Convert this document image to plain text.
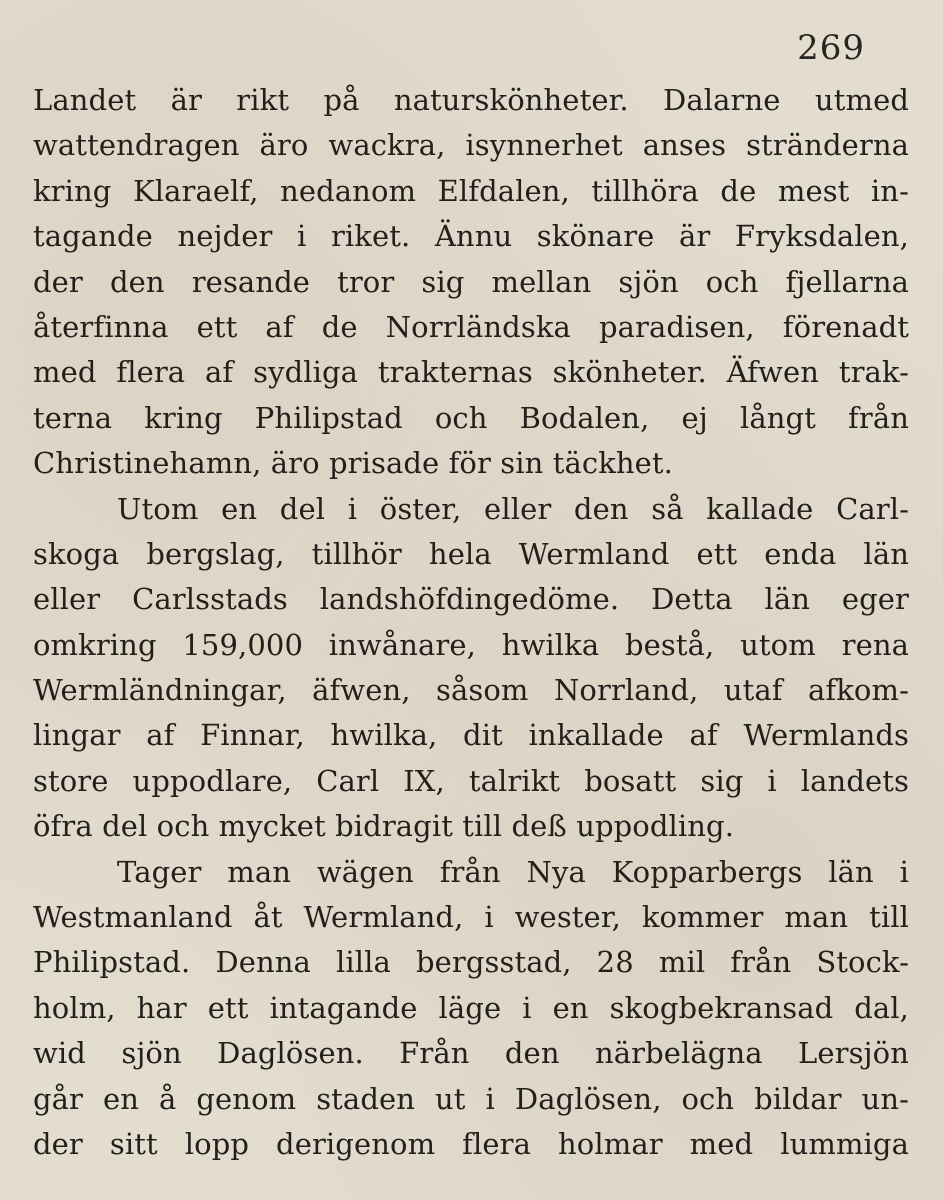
269
Landet är rikt på naturskönheter. Dalarne utmed
wattendragen äro wackra, isynnerhet anses stränderna
kring Klaraelf, nedanom Elfdalen, tillhöra de mest in-
tagande nejder i riket. Ännu skönare är Fryksdalen,
der den resande tror sig mellan sjön och fjellarna
återfinna ett af de Norrländska paradisen, förenadt
med flera af sydliga trakternas skönheter. Äfwen trak-
terna kring Philipstad och Bodalen, ej långt från
Christinehamn, äro prisade för sin täckhet.
Utom en del i öster, eller den så kallade Carl-
skoga bergslag, tillhör hela Wermland ett enda län
eller Carlsstads landshöfdingedöme. Detta län eger
omkring 159,000 inwånare, hwilka bestå, utom rena
Wermländningar, äfwen, såsom Norrland, utaf afkom-
lingar af Finnar, hwilka, dit inkallade af Wermlands
store uppodlare, Carl IX, talrikt bosatt sig i landets
öfra del och mycket bidragit till deß uppodling.
Tager man wägen från Nya Kopparbergs län i
Westmanland åt Wermland, i wester, kommer man till
Philipstad. Denna lilla bergsstad, 28 mil från Stock-
holm, har ett intagande läge i en skogbekransad dal,
wid sjön Daglösen. Från den närbelägna Lersjön
går en å genom staden ut i Daglösen, och bildar un-
der sitt lopp derigenom flera holmar med lummiga
